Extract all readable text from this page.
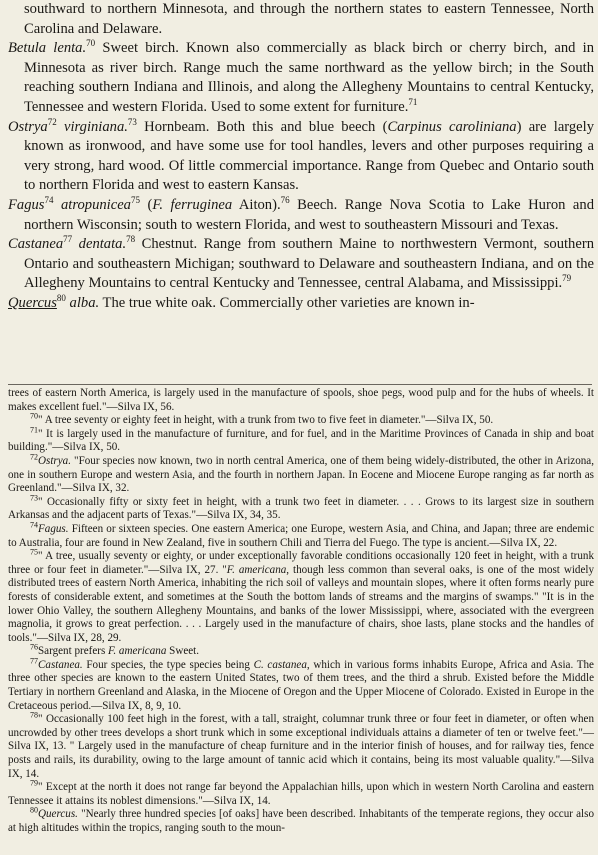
southward to northern Minnesota, and through the northern states to eastern Tennessee, North Carolina and Delaware.

Betula lenta.$^{70}$ Sweet birch. Known also commercially as black birch or cherry birch, and in Minnesota as river birch. Range much the same northward as the yellow birch; in the South reaching southern Indiana and Illinois, and along the Allegheny Mountains to central Kentucky, Tennessee and western Florida. Used to some extent for furniture.$^{71}$

Ostrya$^{72}$ virginiana.$^{73}$ Hornbeam. Both this and blue beech (Carpinus caroliniana) are largely known as ironwood, and have some use for tool handles, levers and other purposes requiring a very strong, hard wood. Of little commercial importance. Range from Quebec and Ontario south to northern Florida and west to eastern Kansas.

Fagus$^{74}$ atropunicea$^{75}$ (F. ferruginea Aiton).$^{76}$ Beech. Range Nova Scotia to Lake Huron and northern Wisconsin; south to western Florida, and west to southeastern Missouri and Texas.

Castanea$^{77}$ dentata.$^{78}$ Chestnut. Range from southern Maine to northwestern Vermont, southern Ontario and southeastern Michigan; southward to Delaware and southeastern Indiana, and on the Allegheny Mountains to central Kentucky and Tennessee, central Alabama, and Mississippi.$^{79}$

Quercus$^{80}$ alba. The true white oak. Commercially other varieties are known in-

trees of eastern North America, is largely used in the manufacture of spools, shoe pegs, wood pulp and for the hubs of wheels. It makes excellent fuel."—Silva IX, 56.

$^{70}$" A tree seventy or eighty feet in height, with a trunk from two to five feet in diameter."—Silva IX, 50.

$^{71}$" It is largely used in the manufacture of furniture, and for fuel, and in the Maritime Provinces of Canada in ship and boat building."—Silva IX, 50.

$^{72}$Ostrya. "Four species now known, two in north central America, one of them being widely-distributed, the other in Arizona, one in southern Europe and western Asia, and the fourth in northern Japan. In Eocene and Miocene Europe ranging as far north as Greenland."—Silva IX, 32.

$^{73}$" Occasionally fifty or sixty feet in height, with a trunk two feet in diameter. . . . Grows to its largest size in southern Arkansas and the adjacent parts of Texas."—Silva IX, 34, 35.

$^{74}$Fagus. Fifteen or sixteen species. One eastern America; one Europe, western Asia, and China, and Japan; three are endemic to Australia, four are found in New Zealand, five in southern Chili and Tierra del Fuego. The type is ancient.—Silva IX, 22.

$^{75}$" A tree, usually seventy or eighty, or under exceptionally favorable conditions occasionally 120 feet in height, with a trunk three or four feet in diameter."—Silva IX, 27. "F. americana, though less common than several oaks, is one of the most widely distributed trees of eastern North America, inhabiting the rich soil of valleys and mountain slopes, where it often forms nearly pure forests of considerable extent, and sometimes at the South the bottom lands of streams and the margins of swamps." "It is in the lower Ohio Valley, the southern Allegheny Mountains, and banks of the lower Mississippi, where, associated with the evergreen magnolia, it grows to great perfection. . . . Largely used in the manufacture of chairs, shoe lasts, plane stocks and the handles of tools."—Silva IX, 28, 29.

$^{76}$Sargent prefers F. americana Sweet.

$^{77}$Castanea. Four species, the type species being C. castanea, which in various forms inhabits Europe, Africa and Asia. The three other species are known to the eastern United States, two of them trees, and the third a shrub. Existed before the Middle Tertiary in northern Greenland and Alaska, in the Miocene of Oregon and the Upper Miocene of Colorado. Existed in Europe in the Cretaceous period.—Silva IX, 8, 9, 10.

$^{78}$" Occasionally 100 feet high in the forest, with a tall, straight, columnar trunk three or four feet in diameter, or often when uncrowded by other trees develops a short trunk which in some exceptional individuals attains a diameter of ten or twelve feet."—Silva IX, 13. " Largely used in the manufacture of cheap furniture and in the interior finish of houses, and for railway ties, fence posts and rails, its durability, owing to the large amount of tannic acid which it contains, being its most valuable quality."—Silva IX, 14.

$^{79}$" Except at the north it does not range far beyond the Appalachian hills, upon which in western North Carolina and eastern Tennessee it attains its noblest dimensions."—Silva IX, 14.

$^{80}$Quercus. "Nearly three hundred species [of oaks] have been described. Inhabitants of the temperate regions, they occur also at high altitudes within the tropics, ranging south to the moun-
